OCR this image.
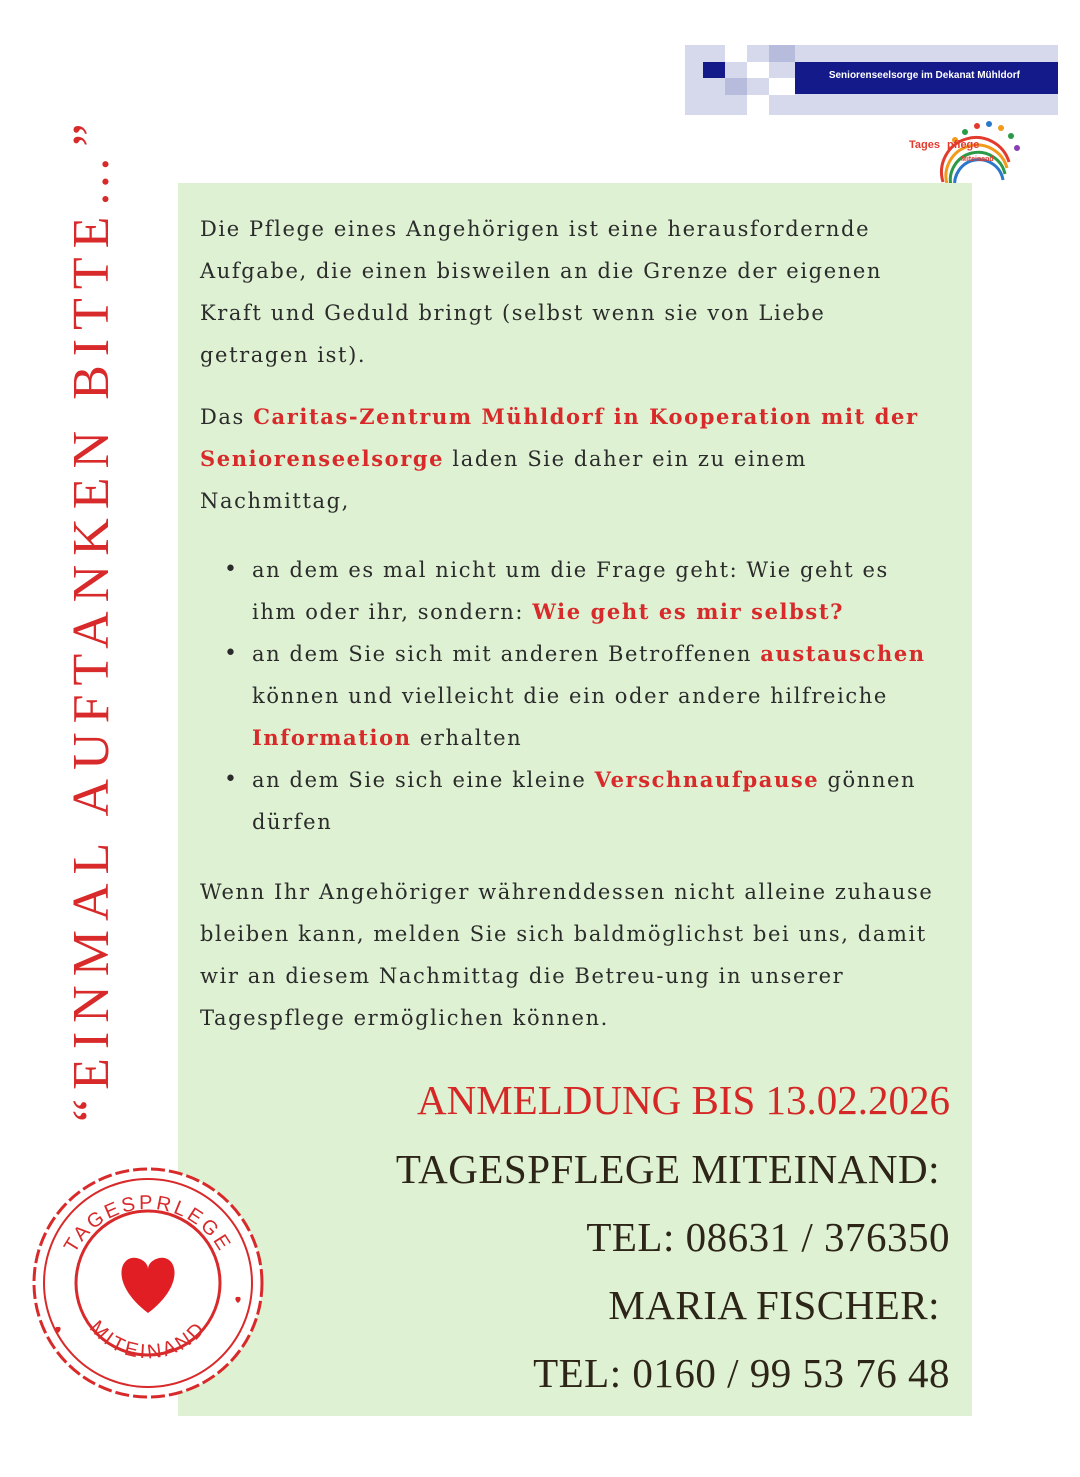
Seniorenseelsorge im Dekanat Mühldorf
Tages pflege
Miteinand
“EINMAL AUFTANKEN BITTE…”	Die Pflege eines Angehörigen ist eine herausfordernde Aufgabe, die einen bisweilen an die Grenze der eigenen Kraft und Geduld bringt (selbst wenn sie von Liebe getragen ist).
Das Caritas-Zentrum Mühldorf in Kooperation mit der Seniorenseelsorge laden Sie daher ein zu einem Nachmittag,
• an dem es mal nicht um die Frage geht: Wie geht es ihm oder ihr, sondern: Wie geht es mir selbst?
• an dem Sie sich mit anderen Betroffenen austauschen können und vielleicht die ein oder andere hilfreiche Information erhalten
• an dem Sie sich eine kleine Verschnaufpause gönnen dürfen
Wenn Ihr Angehöriger währenddessen nicht alleine zuhause bleiben kann, melden Sie sich baldmöglichst bei uns, damit wir an diesem Nachmittag die Betreu-ung in unserer Tagespflege ermöglichen können.
ANMELDUNG BIS 13.02.2026
TAGESPFLEGE MITEINAND:
TEL: 08631 / 376350
MARIA FISCHER:
TEL: 0160 / 99 53 76 48
TAGESPRLEGE
MITEINAND
